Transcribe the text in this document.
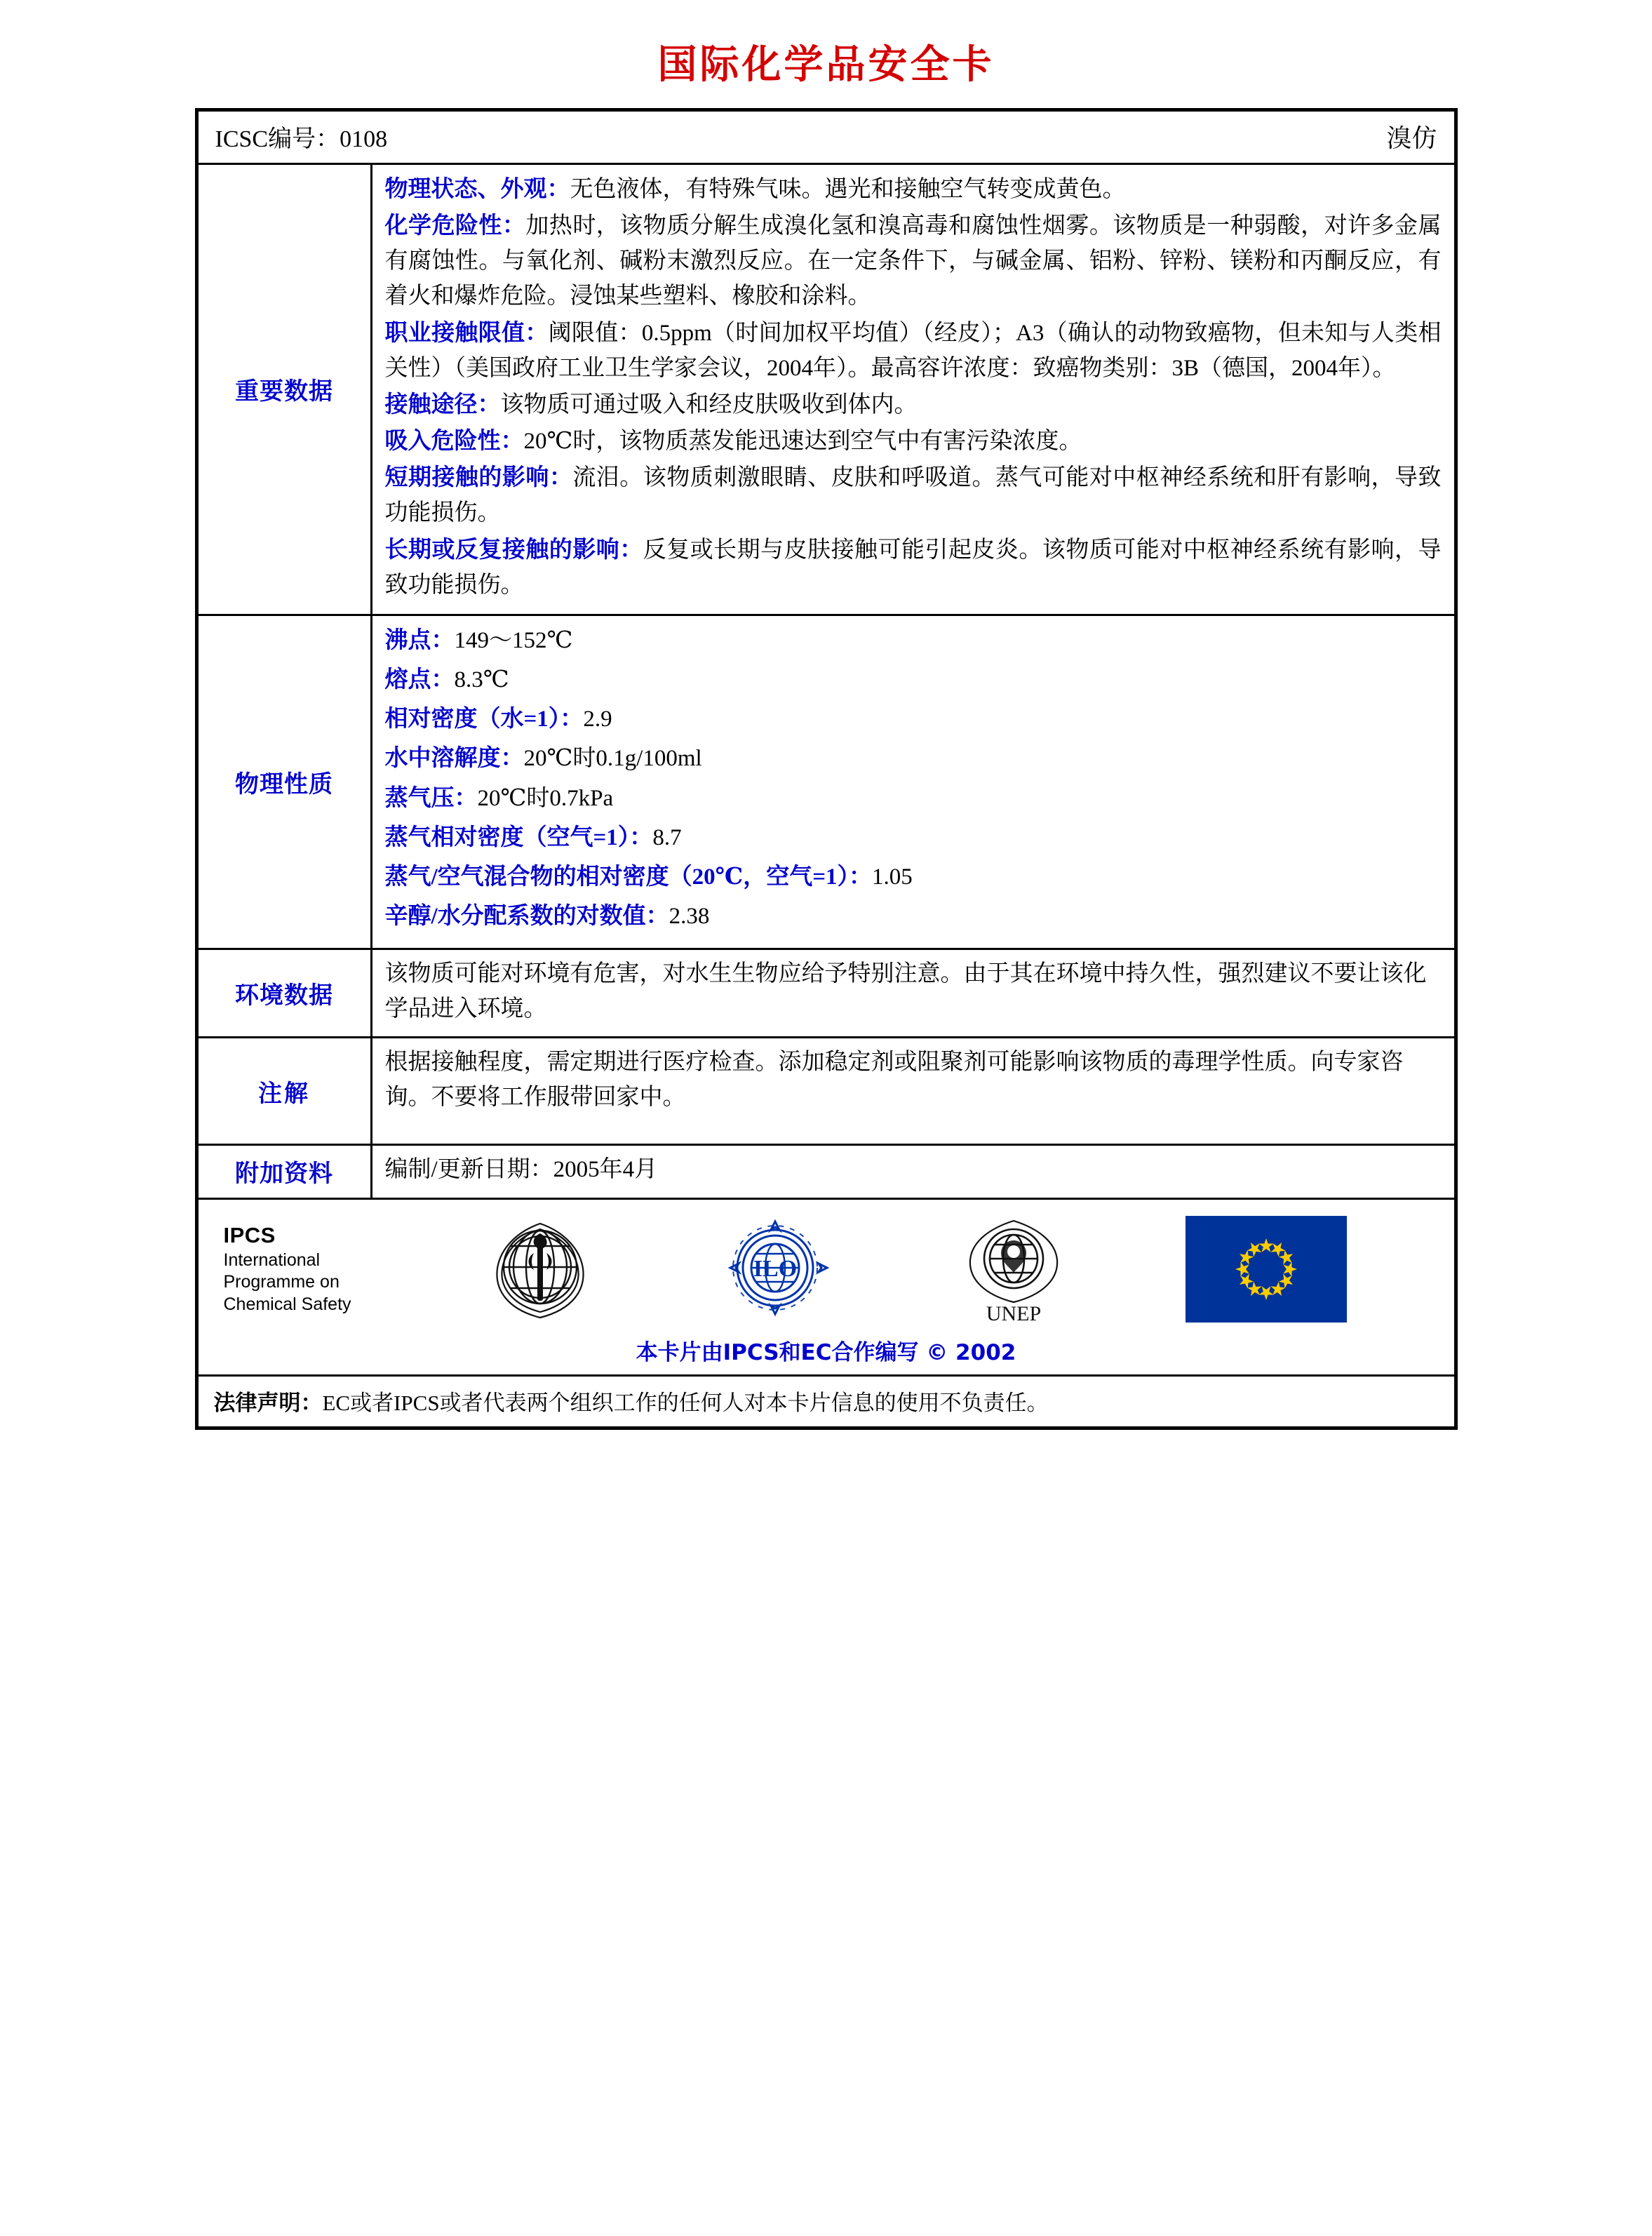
国际化学品安全卡
ICSC编号：0108	溴仿
重要数据

物理状态、外观：无色液体，有特殊气味。遇光和接触空气转变成黄色。

化学危险性：加热时，该物质分解生成溴化氢和溴高毒和腐蚀性烟雾。该物质是一种弱酸，对许多金属有腐蚀性。与氧化剂、碱粉末激烈反应。在一定条件下，与碱金属、铝粉、锌粉、镁粉和丙酮反应，有着火和爆炸危险。浸蚀某些塑料、橡胶和涂料。

职业接触限值：阈限值：0.5ppm（时间加权平均值）（经皮）；A3（确认的动物致癌物，但未知与人类相关性）（美国政府工业卫生学家会议，2004年）。最高容许浓度：致癌物类别：3B（德国，2004年）。

接触途径：该物质可通过吸入和经皮肤吸收到体内。

吸入危险性：20℃时，该物质蒸发能迅速达到空气中有害污染浓度。

短期接触的影响：流泪。该物质刺激眼睛、皮肤和呼吸道。蒸气可能对中枢神经系统和肝有影响，导致功能损伤。

长期或反复接触的影响：反复或长期与皮肤接触可能引起皮炎。该物质可能对中枢神经系统有影响，导致功能损伤。

物理性质

沸点：149～152℃

熔点：8.3℃

相对密度（水=1）：2.9

水中溶解度：20℃时0.1g/100ml

蒸气压：20℃时0.7kPa

蒸气相对密度（空气=1）：8.7

蒸气/空气混合物的相对密度（20℃，空气=1）：1.05

辛醇/水分配系数的对数值：2.38

环境数据
该物质可能对环境有危害，对水生生物应给予特别注意。由于其在环境中持久性，强烈建议不要让该化学品进入环境。
注解
根据接触程度，需定期进行医疗检查。添加稳定剂或阻聚剂可能影响该物质的毒理学性质。向专家咨询。不要将工作服带回家中。
附加资料	编制/更新日期：2005年4月
IPCS
International
Programme on
Chemical Safety
ILO
UNEP
本卡片由IPCS和EC合作编写 © 2002
法律声明：EC或者IPCS或者代表两个组织工作的任何人对本卡片信息的使用不负责任。
